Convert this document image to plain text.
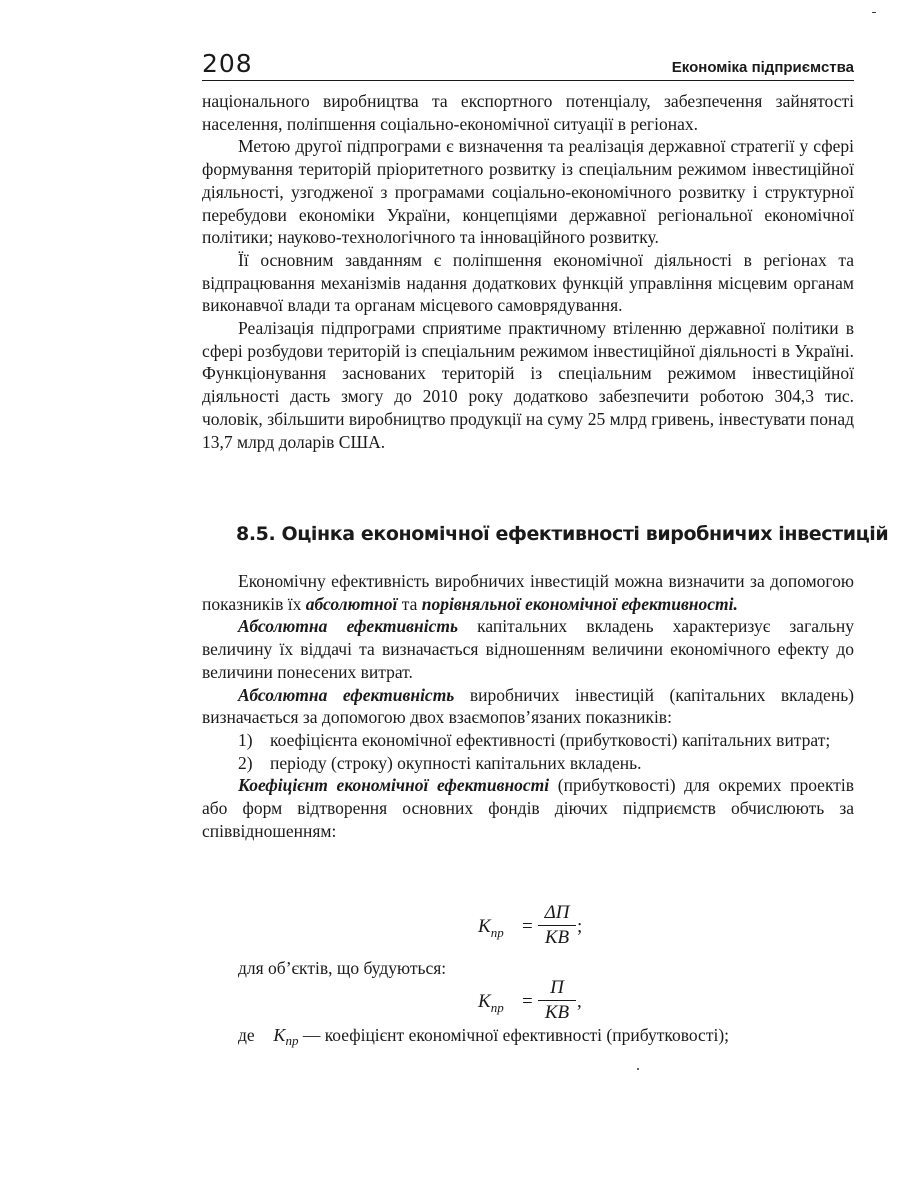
208	Економіка підприємства

національного виробництва та експортного потенціалу, забезпечення зайнятості населення, поліпшення соціально-економічної ситуації в регіонах.

Метою другої підпрограми є визначення та реалізація державної стратегії у сфері формування територій пріоритетного розвитку із спеціальним режимом інвестиційної діяльності, узгодженої з програмами соціально-економічного розвитку і структурної перебудови економіки України, концепціями державної регіональної економічної політики; науково-технологічного та інноваційного розвитку.

Її основним завданням є поліпшення економічної діяльності в регіонах та відпрацювання механізмів надання додаткових функцій управління місцевим органам виконавчої влади та органам місцевого самоврядування.

Реалізація підпрограми сприятиме практичному втіленню державної політики в сфері розбудови територій із спеціальним режимом інвестиційної діяльності в Україні. Функціонування заснованих територій із спеціальним режимом інвестиційної діяльності дасть змогу до 2010 року додатково забезпечити роботою 304,3 тис. чоловік, збільшити виробництво продукції на суму 25 млрд гривень, інвестувати понад 13,7 млрд доларів США.

8.5. Оцінка економічної ефективності виробничих інвестицій

Економічну ефективність виробничих інвестицій можна визначити за допомогою показників їх абсолютної та порівняльної економічної ефективності.

Абсолютна ефективність капітальних вкладень характеризує загальну величину їх віддачі та визначається відношенням величини економічного ефекту до величини понесених витрат.

Абсолютна ефективність виробничих інвестицій (капітальних вкладень) визначається за допомогою двох взаємопов’язаних показників:

1) коефіцієнта економічної ефективності (прибутковості) капітальних витрат;
2) періоду (строку) окупності капітальних вкладень.

Коефіцієнт економічної ефективності (прибутковості) для окремих проектів або форм відтворення основних фондів діючих підприємств обчислюють за співвідношенням:

$K_{пр}$ =
ΔП
КВ
;
для об’єктів, що будуються:
$K_{пр}$ =
П
КВ
,
де $K_{пр}$ — коефіцієнт економічної ефективності (прибутковості);
